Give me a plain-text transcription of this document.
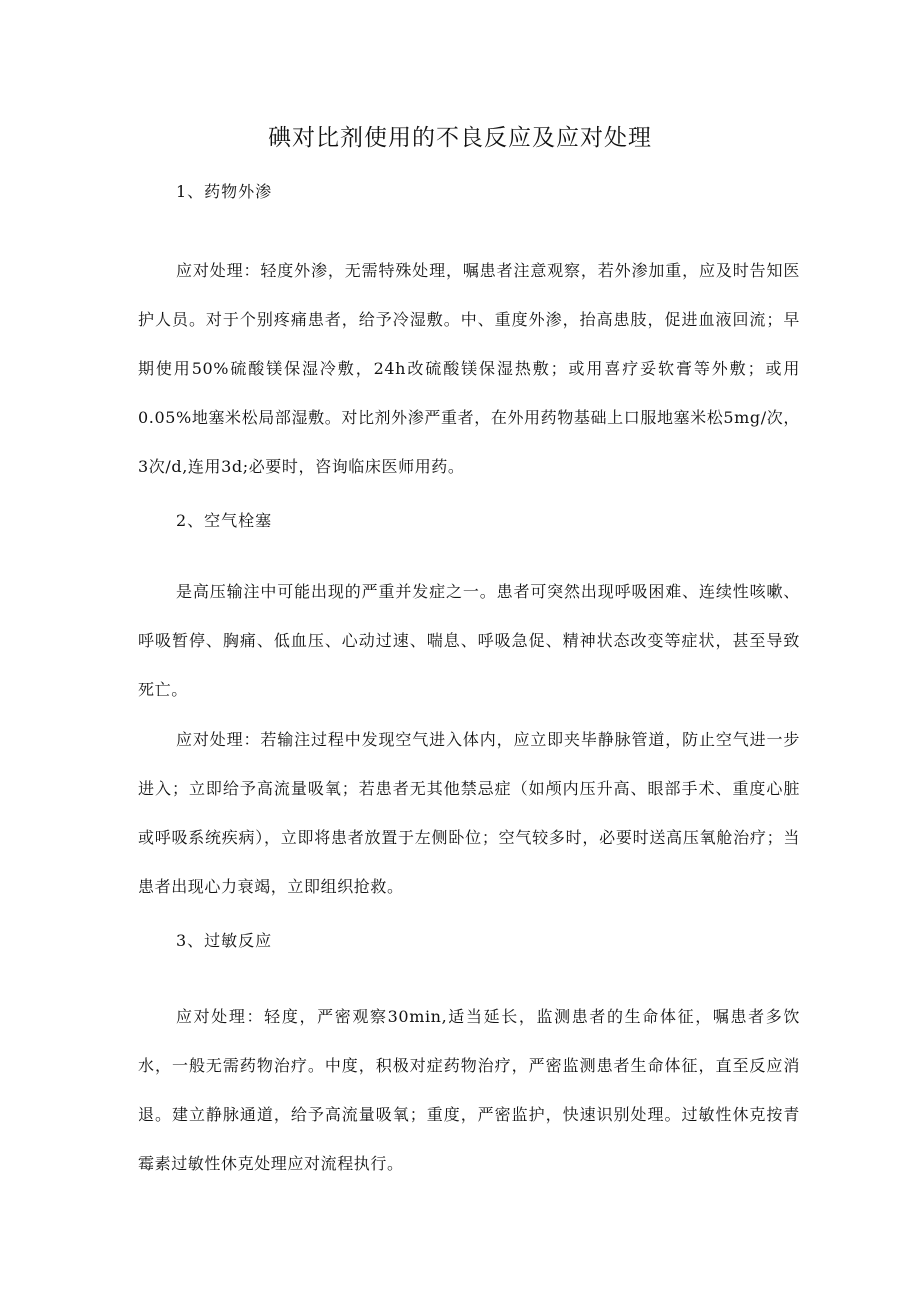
碘对比剂使用的不良反应及应对处理
1、药物外渗

应对处理：轻度外渗，无需特殊处理，嘱患者注意观察，若外渗加重，应及时告知医护人员。对于个别疼痛患者，给予冷湿敷。中、重度外渗，抬高患肢，促进血液回流；早期使用50%硫酸镁保湿冷敷，24h改硫酸镁保湿热敷；或用喜疗妥软膏等外敷；或用0.05%地塞米松局部湿敷。对比剂外渗严重者，在外用药物基础上口服地塞米松5mg/次，3次/d,连用3d;必要时，咨询临床医师用药。

2、空气栓塞

是高压输注中可能出现的严重并发症之一。患者可突然出现呼吸困难、连续性咳嗽、呼吸暂停、胸痛、低血压、心动过速、喘息、呼吸急促、精神状态改变等症状，甚至导致死亡。

应对处理：若输注过程中发现空气进入体内，应立即夹毕静脉管道，防止空气进一步进入；立即给予高流量吸氧；若患者无其他禁忌症（如颅内压升高、眼部手术、重度心脏或呼吸系统疾病），立即将患者放置于左侧卧位；空气较多时，必要时送高压氧舱治疗；当患者出现心力衰竭，立即组织抢救。

3、过敏反应

应对处理：轻度，严密观察30min,适当延长，监测患者的生命体征，嘱患者多饮水，一般无需药物治疗。中度，积极对症药物治疗，严密监测患者生命体征，直至反应消退。建立静脉通道，给予高流量吸氧；重度，严密监护，快速识别处理。过敏性休克按青霉素过敏性休克处理应对流程执行。
